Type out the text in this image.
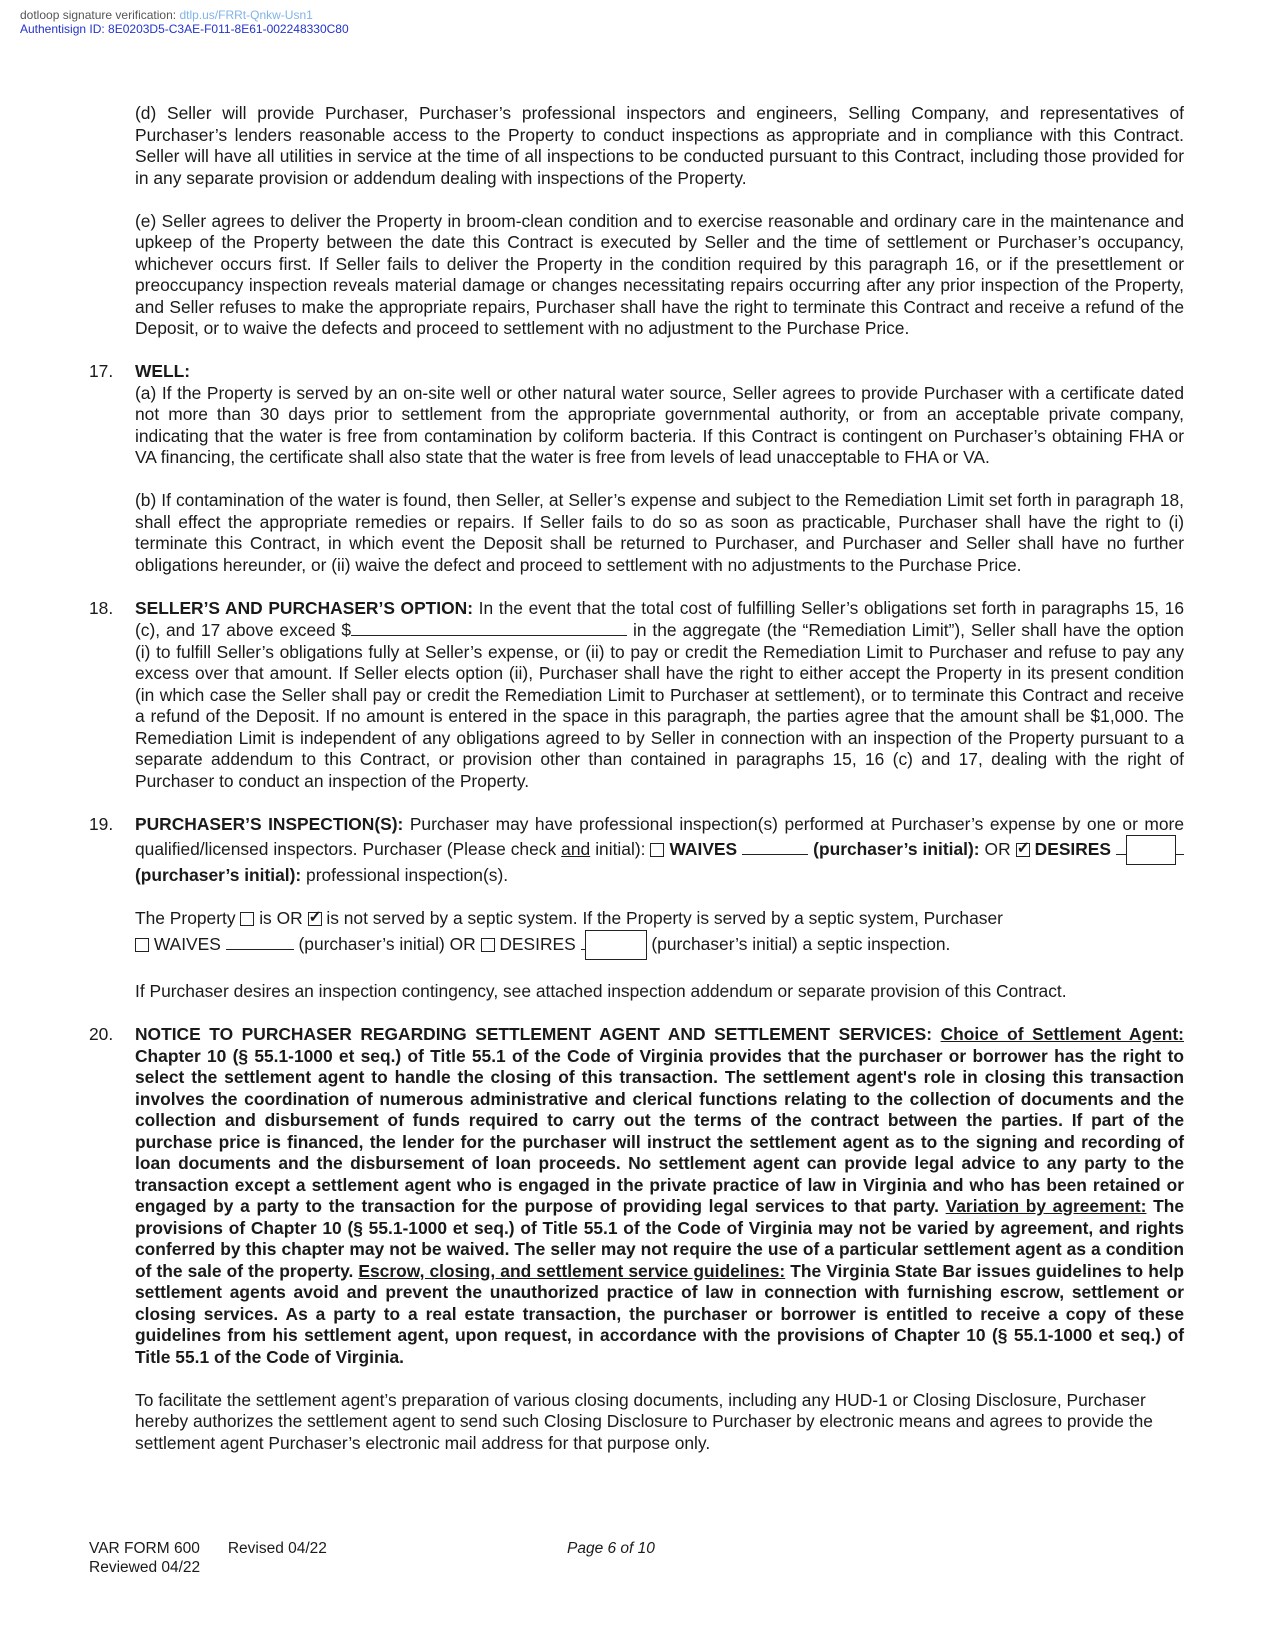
dotloop signature verification: dtlp.us/FRRt-Qnkw-Usn1
Authentisign ID: 8E0203D5-C3AE-F011-8E61-002248330C80

(d) Seller will provide Purchaser, Purchaser’s professional inspectors and engineers, Selling Company, and representatives of Purchaser’s lenders reasonable access to the Property to conduct inspections as appropriate and in compliance with this Contract. Seller will have all utilities in service at the time of all inspections to be conducted pursuant to this Contract, including those provided for in any separate provision or addendum dealing with inspections of the Property.

(e) Seller agrees to deliver the Property in broom-clean condition and to exercise reasonable and ordinary care in the maintenance and upkeep of the Property between the date this Contract is executed by Seller and the time of settlement or Purchaser’s occupancy, whichever occurs first. If Seller fails to deliver the Property in the condition required by this paragraph 16, or if the presettlement or preoccupancy inspection reveals material damage or changes necessitating repairs occurring after any prior inspection of the Property, and Seller refuses to make the appropriate repairs, Purchaser shall have the right to terminate this Contract and receive a refund of the Deposit, or to waive the defects and proceed to settlement with no adjustment to the Purchase Price.

17. WELL:

(a) If the Property is served by an on-site well or other natural water source, Seller agrees to provide Purchaser with a certificate dated not more than 30 days prior to settlement from the appropriate governmental authority, or from an acceptable private company, indicating that the water is free from contamination by coliform bacteria. If this Contract is contingent on Purchaser’s obtaining FHA or VA financing, the certificate shall also state that the water is free from levels of lead unacceptable to FHA or VA.

(b) If contamination of the water is found, then Seller, at Seller’s expense and subject to the Remediation Limit set forth in paragraph 18, shall effect the appropriate remedies or repairs. If Seller fails to do so as soon as practicable, Purchaser shall have the right to (i) terminate this Contract, in which event the Deposit shall be returned to Purchaser, and Purchaser and Seller shall have no further obligations hereunder, or (ii) waive the defect and proceed to settlement with no adjustments to the Purchase Price.

18. SELLER’S AND PURCHASER’S OPTION: In the event that the total cost of fulfilling Seller’s obligations set forth in paragraphs 15, 16 (c), and 17 above exceed $	in the aggregate (the “Remediation Limit”), Seller shall have the option (i) to fulfill Seller’s obligations fully at Seller’s expense, or (ii) to pay or credit the Remediation Limit to Purchaser and refuse to pay any excess over that amount. If Seller elects option (ii), Purchaser shall have the right to either accept the Property in its present condition (in which case the Seller shall pay or credit the Remediation Limit to Purchaser at settlement), or to terminate this Contract and receive a refund of the Deposit. If no amount is entered in the space in this paragraph, the parties agree that the amount shall be $1,000. The Remediation Limit is independent of any obligations agreed to by Seller in connection with an inspection of the Property pursuant to a separate addendum to this Contract, or provision other than contained in paragraphs 15, 16 (c) and 17, dealing with the right of Purchaser to conduct an inspection of the Property.

19. PURCHASER’S INSPECTION(S): Purchaser may have professional inspection(s) performed at Purchaser’s expense by one or more qualified/licensed inspectors. Purchaser (Please check and initial):  WAIVES	(purchaser’s initial): OR ✓ DESIRES  (purchaser’s initial): professional inspection(s).

The Property  is OR ✓ is not served by a septic system. If the Property is served by a septic system, Purchaser
WAIVES	(purchaser’s initial) OR  DESIRES	(purchaser’s initial) a septic inspection.

If Purchaser desires an inspection contingency, see attached inspection addendum or separate provision of this Contract.

20. NOTICE TO PURCHASER REGARDING SETTLEMENT AGENT AND SETTLEMENT SERVICES: Choice of Settlement Agent: Chapter 10 (§ 55.1-1000 et seq.) of Title 55.1 of the Code of Virginia provides that the purchaser or borrower has the right to select the settlement agent to handle the closing of this transaction. The settlement agent's role in closing this transaction involves the coordination of numerous administrative and clerical functions relating to the collection of documents and the collection and disbursement of funds required to carry out the terms of the contract between the parties. If part of the purchase price is financed, the lender for the purchaser will instruct the settlement agent as to the signing and recording of loan documents and the disbursement of loan proceeds. No settlement agent can provide legal advice to any party to the transaction except a settlement agent who is engaged in the private practice of law in Virginia and who has been retained or engaged by a party to the transaction for the purpose of providing legal services to that party. Variation by agreement: The provisions of Chapter 10 (§ 55.1-1000 et seq.) of Title 55.1 of the Code of Virginia may not be varied by agreement, and rights conferred by this chapter may not be waived. The seller may not require the use of a particular settlement agent as a condition of the sale of the property. Escrow, closing, and settlement service guidelines: The Virginia State Bar issues guidelines to help settlement agents avoid and prevent the unauthorized practice of law in connection with furnishing escrow, settlement or closing services. As a party to a real estate transaction, the purchaser or borrower is entitled to receive a copy of these guidelines from his settlement agent, upon request, in accordance with the provisions of Chapter 10 (§ 55.1-1000 et seq.) of Title 55.1 of the Code of Virginia.

To facilitate the settlement agent’s preparation of various closing documents, including any HUD-1 or Closing Disclosure, Purchaser hereby authorizes the settlement agent to send such Closing Disclosure to Purchaser by electronic means and agrees to provide the settlement agent Purchaser’s electronic mail address for that purpose only.

VAR FORM 600 Revised 04/22
Reviewed 04/22
Page 6 of 10
